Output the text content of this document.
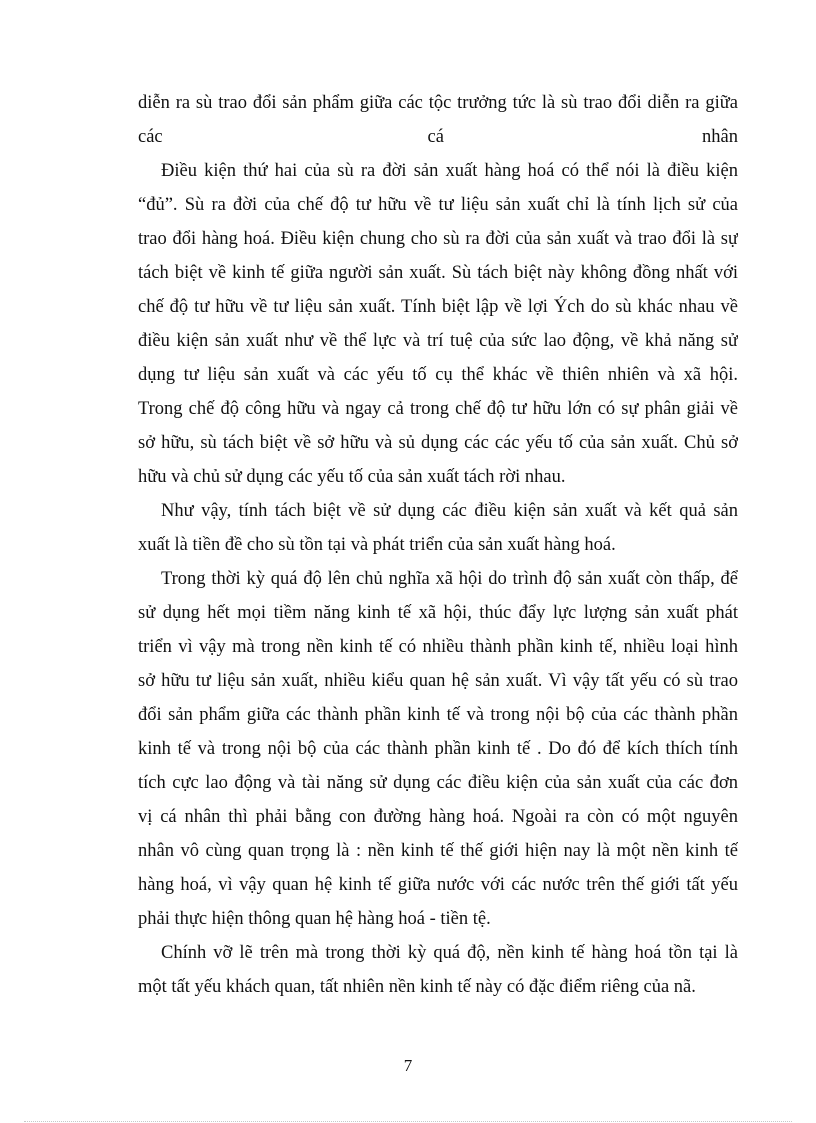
diễn ra sù trao đổi sản phẩm giữa các tộc trưởng tức là sù trao đổi diễn ra giữa
các                                       cá                                      nhân
Điều kiện thứ hai của sù ra đời sản xuất hàng hoá có thể nói là điều kiện
“đủ”. Sù ra đời của chế độ tư hữu về tư liệu sản xuất chỉ là tính lịch sử của
trao đổi hàng hoá. Điều kiện chung cho sù ra đời của sản xuất và trao đổi là sự
tách biệt về kinh tế giữa người sản xuất. Sù tách biệt này không đồng nhất với
chế độ tư hữu về tư liệu sản xuất. Tính biệt lập về lợi Ých do sù khác nhau về
điều kiện sản xuất như về thể lực và trí tuệ của sức lao động, về khả năng sử
dụng tư liệu sản xuất và các yếu tố cụ thể khác về thiên nhiên và xã hội.
Trong chế độ công hữu và ngay cả trong chế độ tư hữu lớn có sự phân giải về
sở hữu, sù tách biệt về sở hữu và sủ dụng các các yếu tố của sản xuất. Chủ sở
hữu và chủ sử dụng các yếu tố của sản xuất tách rời nhau.
Như vậy, tính tách biệt về sử dụng các điều kiện sản xuất và kết quả sản
xuất là tiền đề cho sù tồn tại và phát triển của sản xuất hàng hoá.
Trong thời kỳ quá độ lên chủ nghĩa xã hội do trình độ sản xuất còn thấp, để
sử dụng hết mọi tiềm năng kinh tế xã hội, thúc đẩy lực lượng sản xuất phát
triển vì vậy mà trong nền kinh tế có nhiều thành phần kinh tế, nhiều loại hình
sở hữu tư liệu sản xuất, nhiều kiểu quan hệ sản xuất. Vì vậy tất yếu có sù trao
đổi sản phẩm giữa các thành phần kinh tế và trong nội bộ của các thành phần
kinh tế và trong nội bộ của các thành phần kinh tế . Do đó để kích thích tính
tích cực lao động và tài năng sử dụng các điều kiện của sản xuất của các đơn
vị cá nhân thì phải bằng con đường hàng hoá. Ngoài ra còn có một nguyên
nhân vô cùng quan trọng là : nền kinh tế thế giới hiện nay là một nền kinh tế
hàng hoá, vì vậy quan hệ kinh tế giữa nước với các nước trên thế giới tất yếu
phải thực hiện thông quan hệ hàng hoá - tiền tệ.
Chính vỡ lẽ trên mà trong thời kỳ quá độ, nền kinh tế hàng hoá tồn tại là
một tất yếu khách quan, tất nhiên nền kinh tế này có đặc điểm riêng của nã.
7
